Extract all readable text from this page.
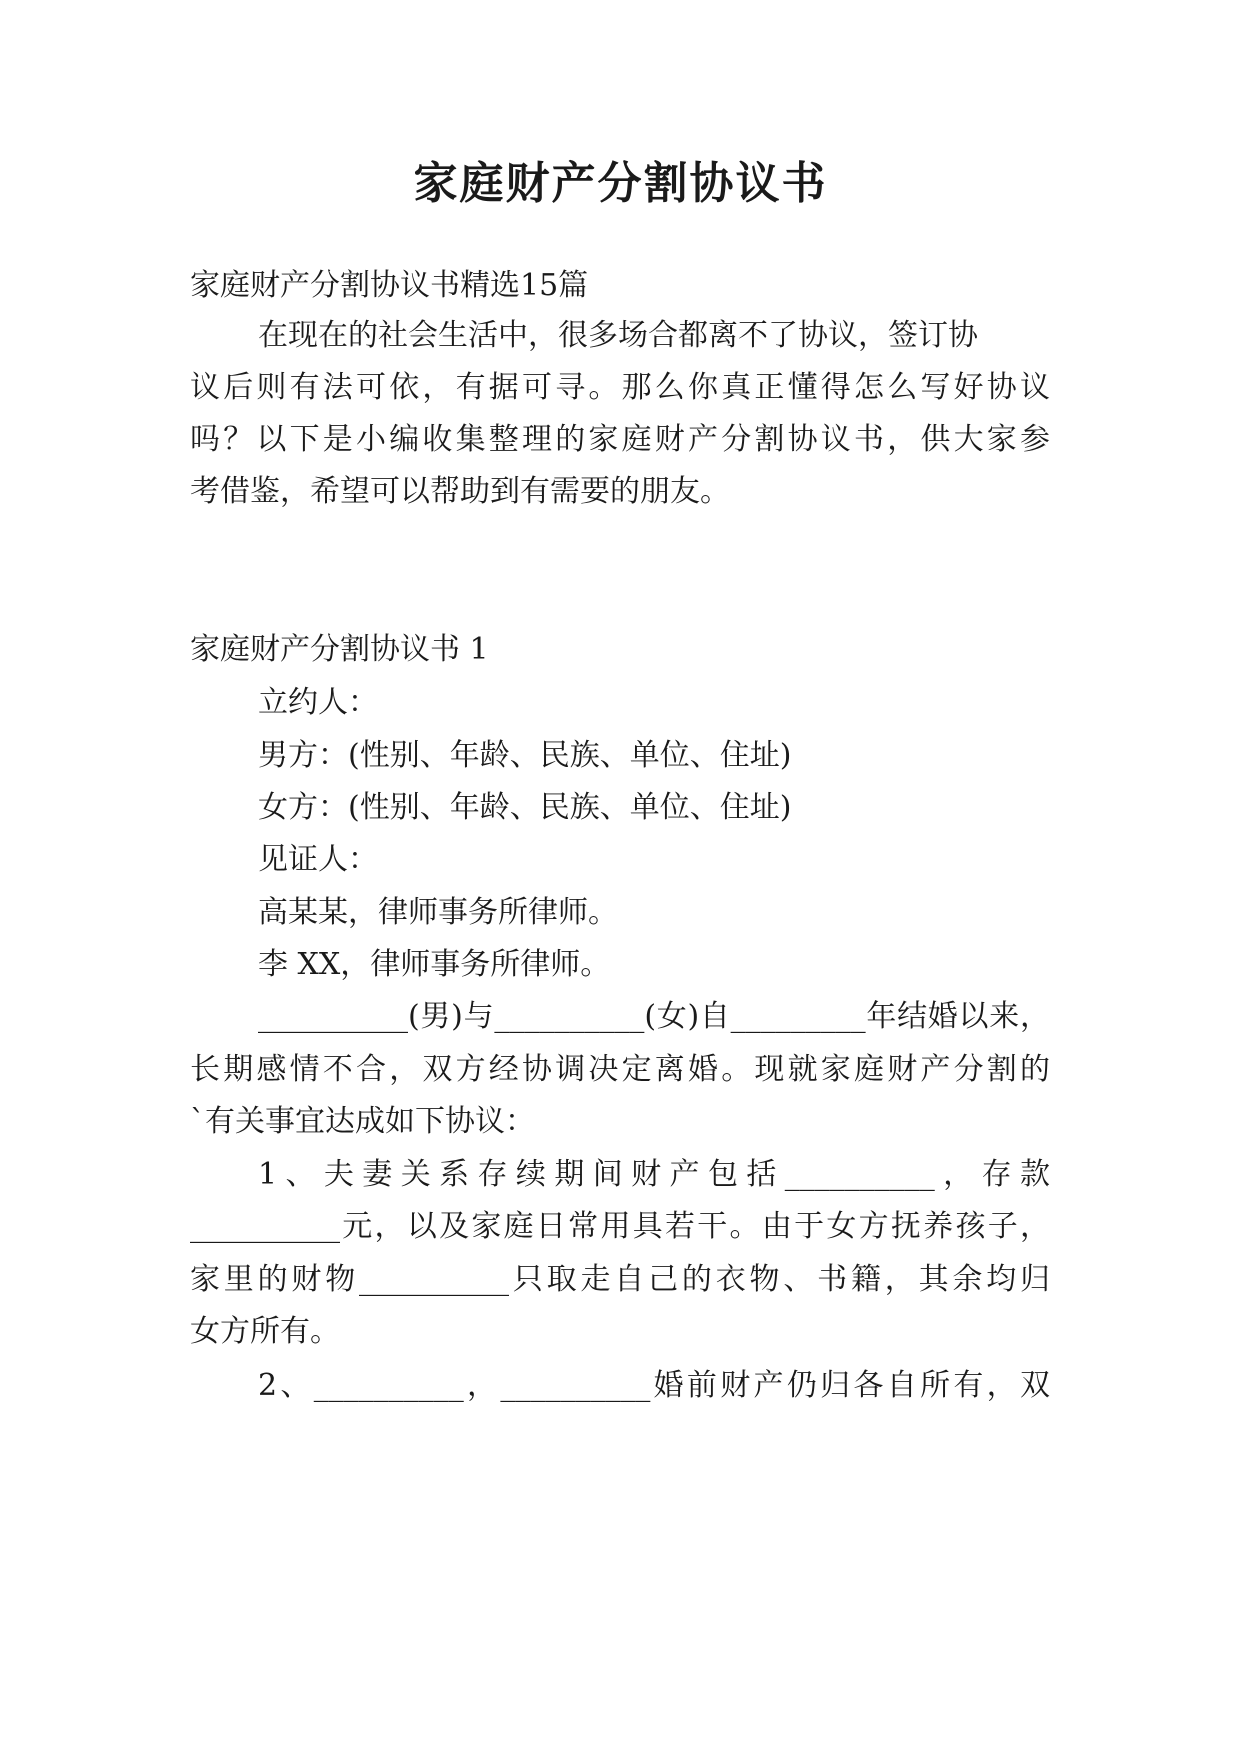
家庭财产分割协议书

家庭财产分割协议书精选15篇

在现在的社会生活中，很多场合都离不了协议，签订协

议后则有法可依，有据可寻。那么你真正懂得怎么写好协议

吗？以下是小编收集整理的家庭财产分割协议书，供大家参

考借鉴，希望可以帮助到有需要的朋友。

家庭财产分割协议书 1

立约人：

男方：(性别、年龄、民族、单位、住址)

女方：(性别、年龄、民族、单位、住址)

见证人：

高某某，律师事务所律师。

李 XX，律师事务所律师。

__________(男)与__________(女)自_________年结婚以来，

长期感情不合，双方经协调决定离婚。现就家庭财产分割的

`有关事宜达成如下协议：

1、夫妻关系存续期间财产包括__________，存款

__________元，以及家庭日常用具若干。由于女方抚养孩子，

家里的财物__________只取走自己的衣物、书籍，其余均归

女方所有。

2、__________，__________婚前财产仍归各自所有，双
